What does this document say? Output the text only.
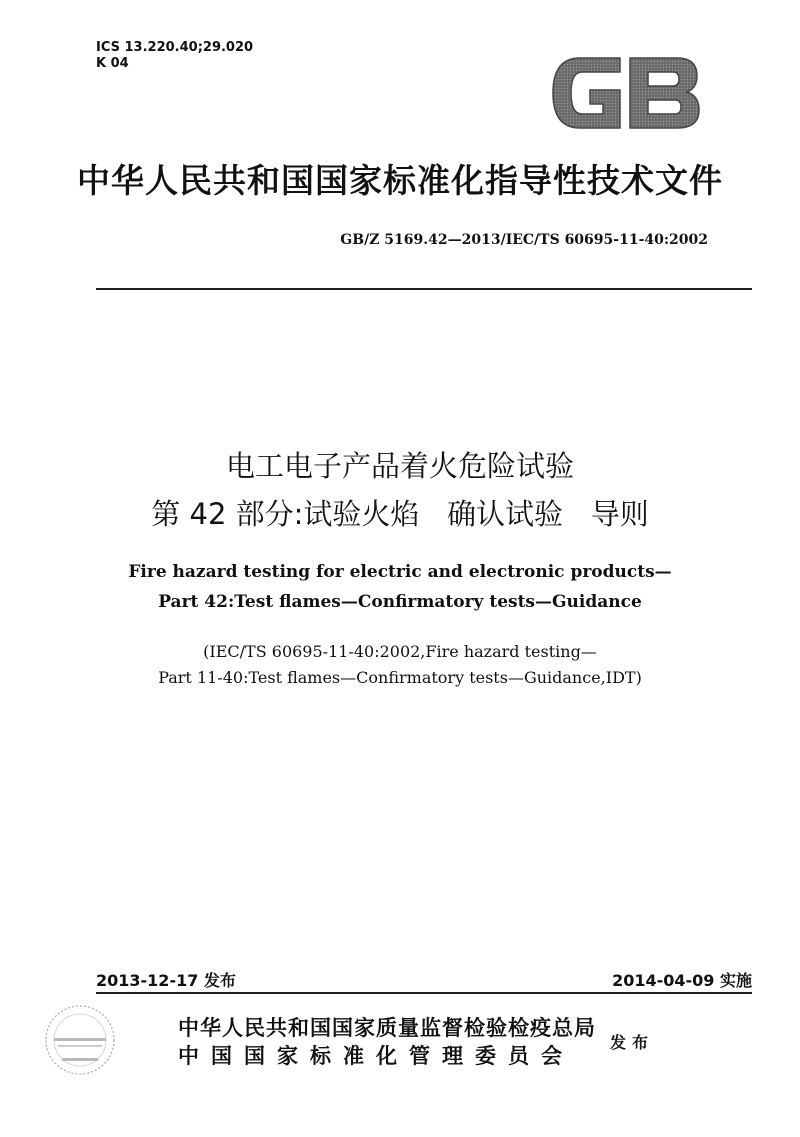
ICS 13.220.40;29.020
K 04
中华人民共和国国家标准化指导性技术文件
GB/Z 5169.42—2013/IEC/TS 60695-11-40:2002
电工电子产品着火危险试验
第 42 部分:试验火焰   确认试验   导则
Fire hazard testing for electric and electronic products—
Part 42:Test flames—Confirmatory tests—Guidance
(IEC/TS 60695-11-40:2002,Fire hazard testing—
Part 11-40:Test flames—Confirmatory tests—Guidance,IDT)
2013-12-17 发布	2014-04-09 实施
中华人民共和国国家质量监督检验检疫总局
中国国家标准化管理委员会
发布
